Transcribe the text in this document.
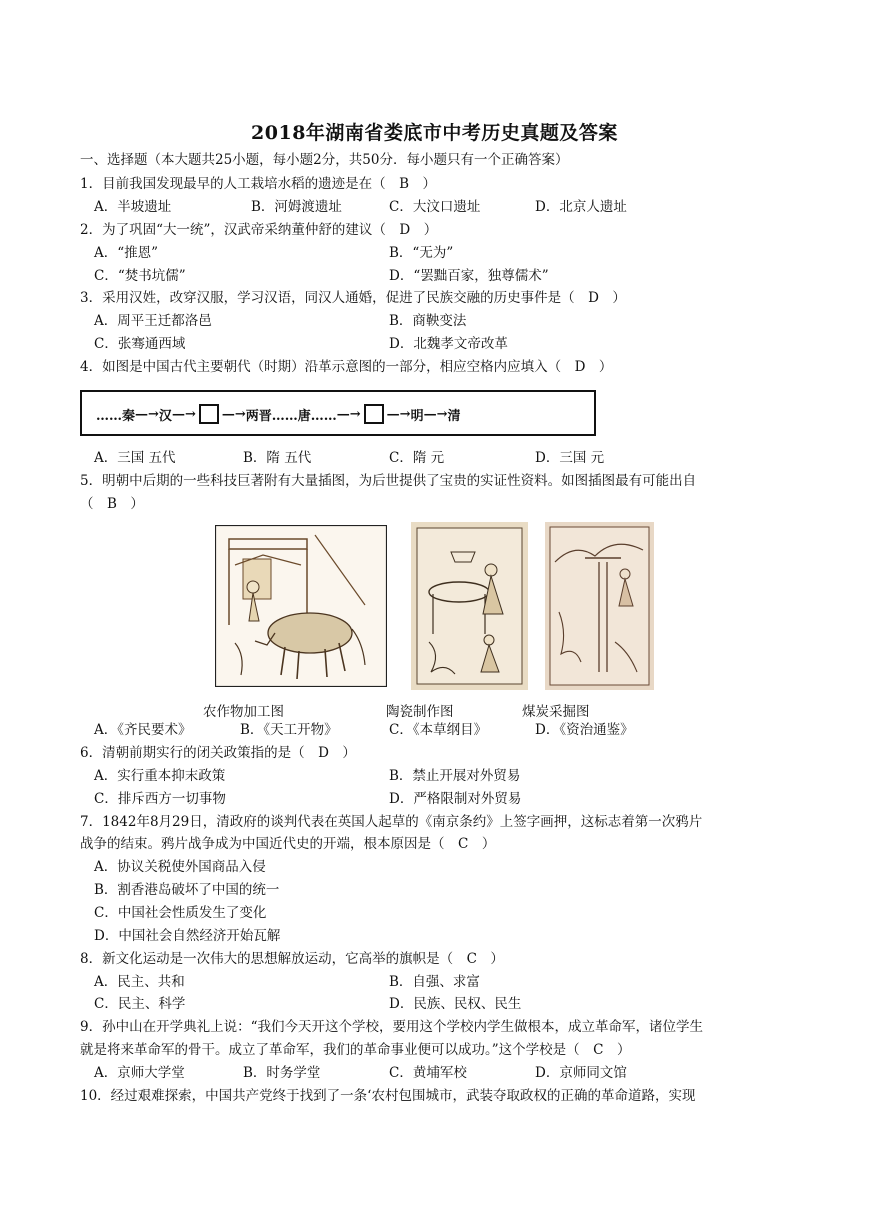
2018年湖南省娄底市中考历史真题及答案
一、选择题（本大题共25小题，每小题2分，共50分．每小题只有一个正确答案）
1．目前我国发现最早的人工栽培水稻的遗迹是在（　B　）
A．半坡遗址	B．河姆渡遗址	C．大汶口遗址	D．北京人遗址
2．为了巩固“大一统”，汉武帝采纳董仲舒的建议（　D　）
A．“推恩”	B．“无为”
C．“焚书坑儒”	D．“罢黜百家，独尊儒术”
3．采用汉姓，改穿汉服，学习汉语，同汉人通婚，促进了民族交融的历史事件是（　D　）
A．周平王迁都洛邑	B．商鞅变法
C．张骞通西域	D．北魏孝文帝改革
4．如图是中国古代主要朝代（时期）沿革示意图的一部分，相应空格内应填入（　D　）
……秦 —→ 汉 —→ —→ 两晋……唐…… —→ —→ 明 —→ 清
A．三国 五代	B．隋 五代	C．隋 元	D．三国 元
5．明朝中后期的一些科技巨著附有大量插图，为后世提供了宝贵的实证性资料。如图插图最有可能出自
（　B　）
农作物加工图	陶瓷制作图	煤炭采掘图
A．《齐民要术》	B．《天工开物》	C．《本草纲目》	D．《资治通鉴》
6．清朝前期实行的闭关政策指的是（　D　）
A．实行重本抑末政策	B．禁止开展对外贸易
C．排斥西方一切事物	D．严格限制对外贸易
7．1842年8月29日，清政府的谈判代表在英国人起草的《南京条约》上签字画押，这标志着第一次鸦片
战争的结束。鸦片战争成为中国近代史的开端，根本原因是（　C　）
A．协议关税使外国商品入侵
B．割香港岛破坏了中国的统一
C．中国社会性质发生了变化
D．中国社会自然经济开始瓦解
8．新文化运动是一次伟大的思想解放运动，它高举的旗帜是（　C　）
A．民主、共和	B．自强、求富
C．民主、科学	D．民族、民权、民生
9．孙中山在开学典礼上说：“我们今天开这个学校，要用这个学校内学生做根本，成立革命军，诸位学生
就是将来革命军的骨干。成立了革命军，我们的革命事业便可以成功。”这个学校是（　C　）
A．京师大学堂	B．时务学堂	C．黄埔军校	D．京师同文馆
10．经过艰难探索，中国共产党终于找到了一条‘农村包围城市，武装夺取政权的正确的革命道路，实现
